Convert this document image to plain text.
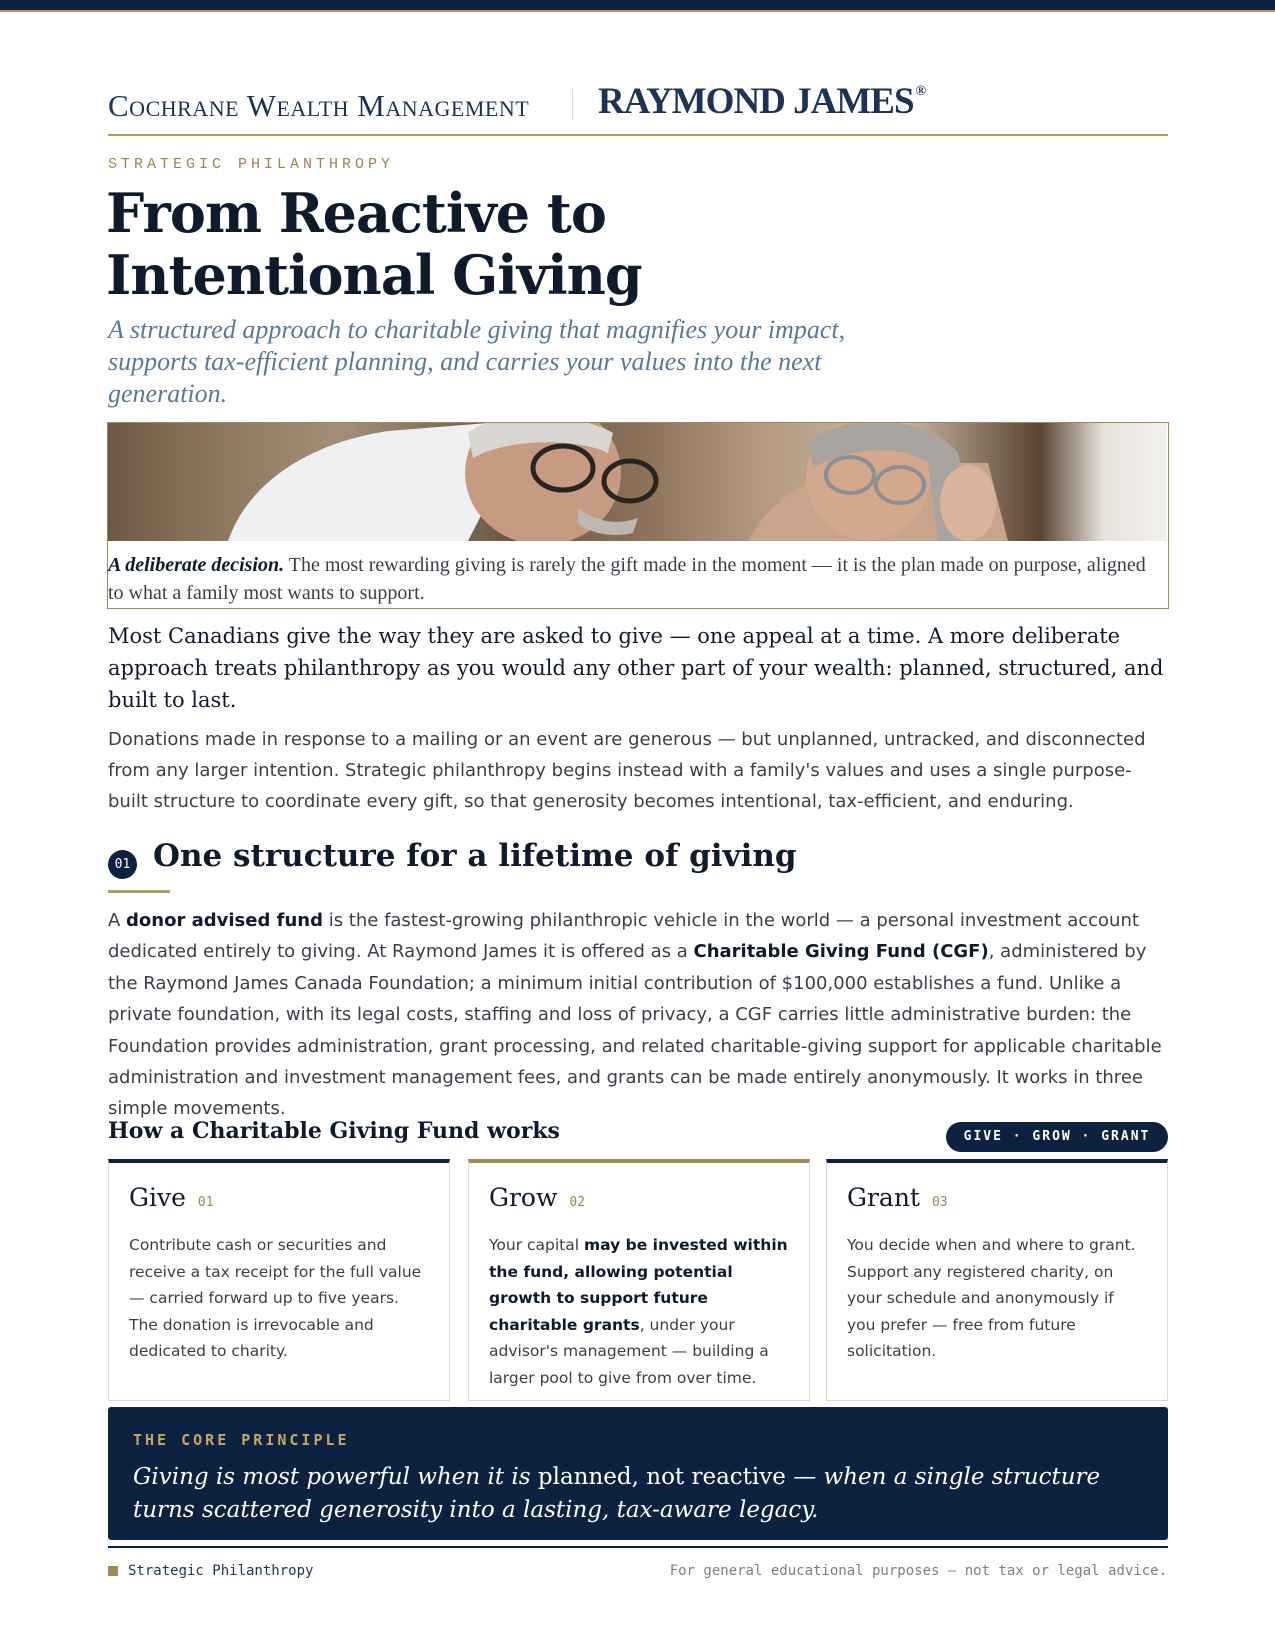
Cochrane Wealth Management RAYMOND JAMES ®
STRATEGIC PHILANTHROPY
From Reactive to
Intentional Giving
A structured approach to charitable giving that magnifies your impact, supports tax-efficient planning, and carries your values into the next generation.
A deliberate decision. The most rewarding giving is rarely the gift made in the moment — it is the plan made on purpose, aligned to what a family most wants to support.

Most Canadians give the way they are asked to give — one appeal at a time. A more deliberate approach treats philanthropy as you would any other part of your wealth: planned, structured, and built to last.

Donations made in response to a mailing or an event are generous — but unplanned, untracked, and disconnected from any larger intention. Strategic philanthropy begins instead with a family's values and uses a single purpose-built structure to coordinate every gift, so that generosity becomes intentional, tax-efficient, and enduring.

01 One structure for a lifetime of giving

A donor advised fund is the fastest-growing philanthropic vehicle in the world — a personal investment account dedicated entirely to giving. At Raymond James it is offered as a Charitable Giving Fund (CGF), administered by the Raymond James Canada Foundation; a minimum initial contribution of $100,000 establishes a fund. Unlike a private foundation, with its legal costs, staffing and loss of privacy, a CGF carries little administrative burden: the Foundation provides administration, grant processing, and related charitable-giving support for applicable charitable administration and investment management fees, and grants can be made entirely anonymously. It works in three simple movements.

How a Charitable Giving Fund works	GIVE · GROW · GRANT
Give 01

Contribute cash or securities and receive a tax receipt for the full value — carried forward up to five years. The donation is irrevocable and dedicated to charity.

Grow 02

Your capital may be invested within the fund, allowing potential growth to support future charitable grants, under your advisor's management — building a larger pool to give from over time.

Grant 03

You decide when and where to grant. Support any registered charity, on your schedule and anonymously if you prefer — free from future solicitation.

THE CORE PRINCIPLE

Giving is most powerful when it is planned, not reactive — when a single structure turns scattered generosity into a lasting, tax-aware legacy.

Strategic Philanthropy	For general educational purposes — not tax or legal advice.
